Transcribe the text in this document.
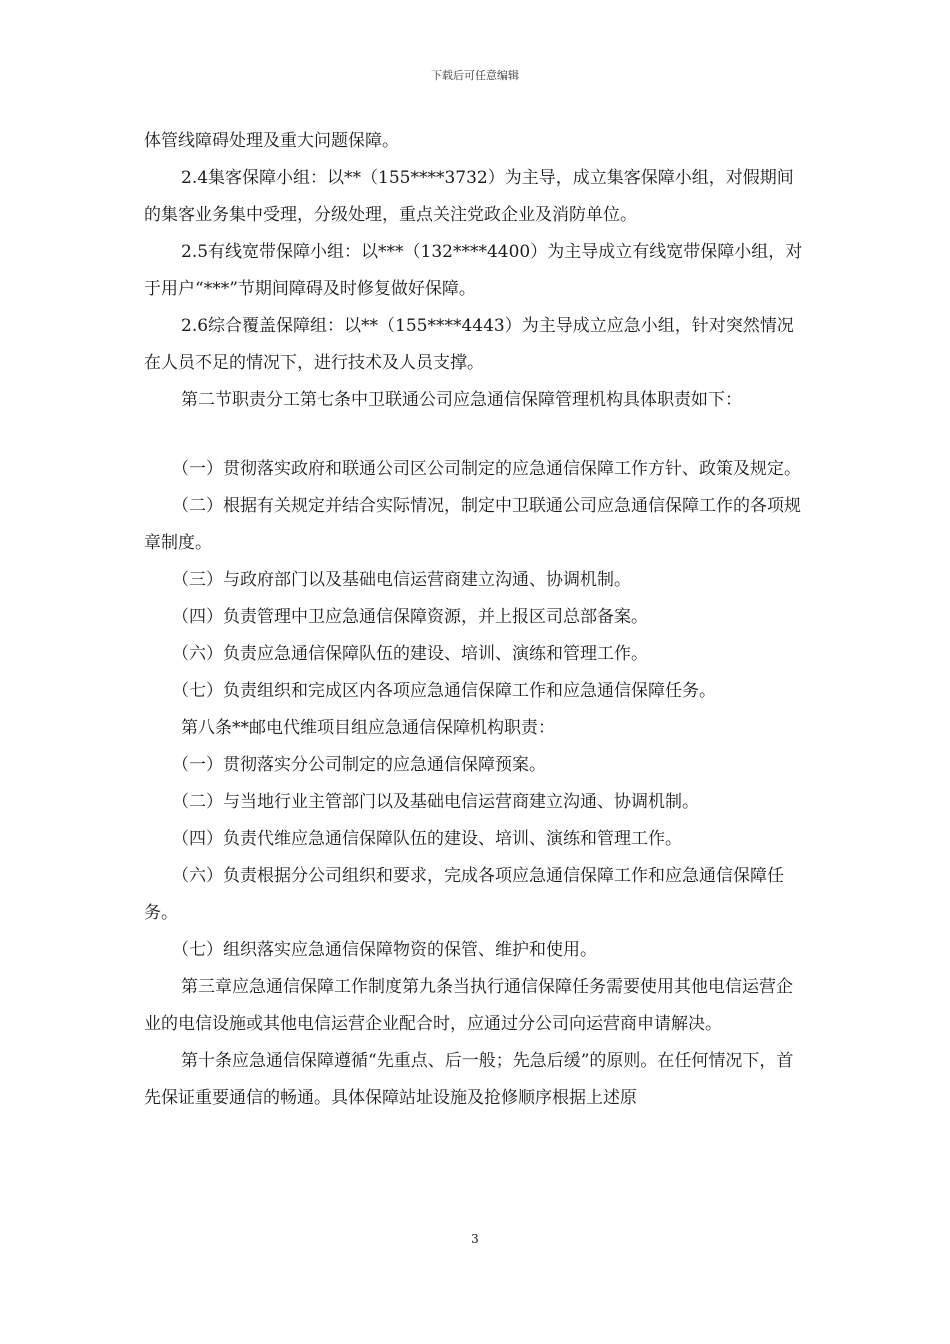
下载后可任意编辑

体管线障碍处理及重大问题保障。

2.4集客保障小组：以**（155****3732）为主导，成立集客保障小组，对假期间的集客业务集中受理，分级处理，重点关注党政企业及消防单位。

2.5有线宽带保障小组：以***（132****4400）为主导成立有线宽带保障小组，对于用户“***”节期间障碍及时修复做好保障。

2.6综合覆盖保障组：以**（155****4443）为主导成立应急小组，针对突然情况在人员不足的情况下，进行技术及人员支撑。

第二节职责分工第七条中卫联通公司应急通信保障管理机构具体职责如下：

（一）贯彻落实政府和联通公司区公司制定的应急通信保障工作方针、政策及规定。

（二）根据有关规定并结合实际情况，制定中卫联通公司应急通信保障工作的各项规章制度。

（三）与政府部门以及基础电信运营商建立沟通、协调机制。

（四）负责管理中卫应急通信保障资源，并上报区司总部备案。

（六）负责应急通信保障队伍的建设、培训、演练和管理工作。

（七）负责组织和完成区内各项应急通信保障工作和应急通信保障任务。

第八条**邮电代维项目组应急通信保障机构职责：

（一）贯彻落实分公司制定的应急通信保障预案。

（二）与当地行业主管部门以及基础电信运营商建立沟通、协调机制。

（四）负责代维应急通信保障队伍的建设、培训、演练和管理工作。

（六）负责根据分公司组织和要求，完成各项应急通信保障工作和应急通信保障任务。

（七）组织落实应急通信保障物资的保管、维护和使用。

第三章应急通信保障工作制度第九条当执行通信保障任务需要使用其他电信运营企业的电信设施或其他电信运营企业配合时，应通过分公司向运营商申请解决。

第十条应急通信保障遵循“先重点、后一般；先急后缓”的原则。在任何情况下，首先保证重要通信的畅通。具体保障站址设施及抢修顺序根据上述原

3
